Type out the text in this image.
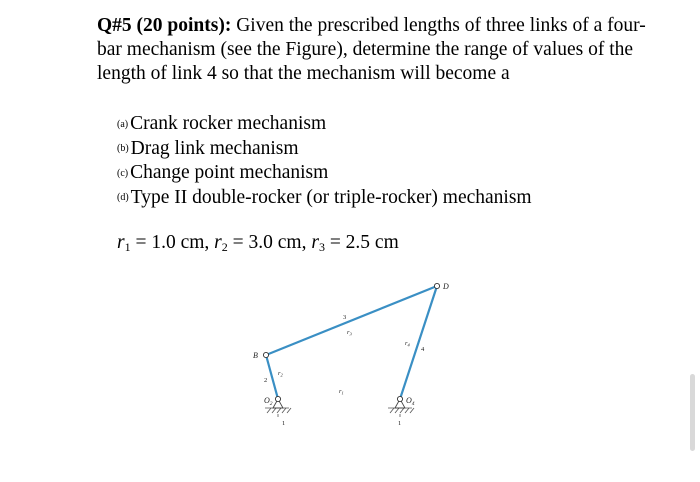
Q#5 (20 points): Given the prescribed lengths of three links of a four-bar mechanism (see the Figure), determine the range of values of the length of link 4 so that the mechanism will become a
(a) Crank rocker mechanism
(b) Drag link mechanism
(c) Change point mechanism
(d) Type II double-rocker (or triple-rocker) mechanism
$r_1 = 1.0$ cm, $r_2 = 3.0$ cm, $r_3 = 2.5$ cm
B
D
$O_2$	$O_4$
1	1
2
3
4
$r_1$
$r_2$
$r_3$
$r_4$
